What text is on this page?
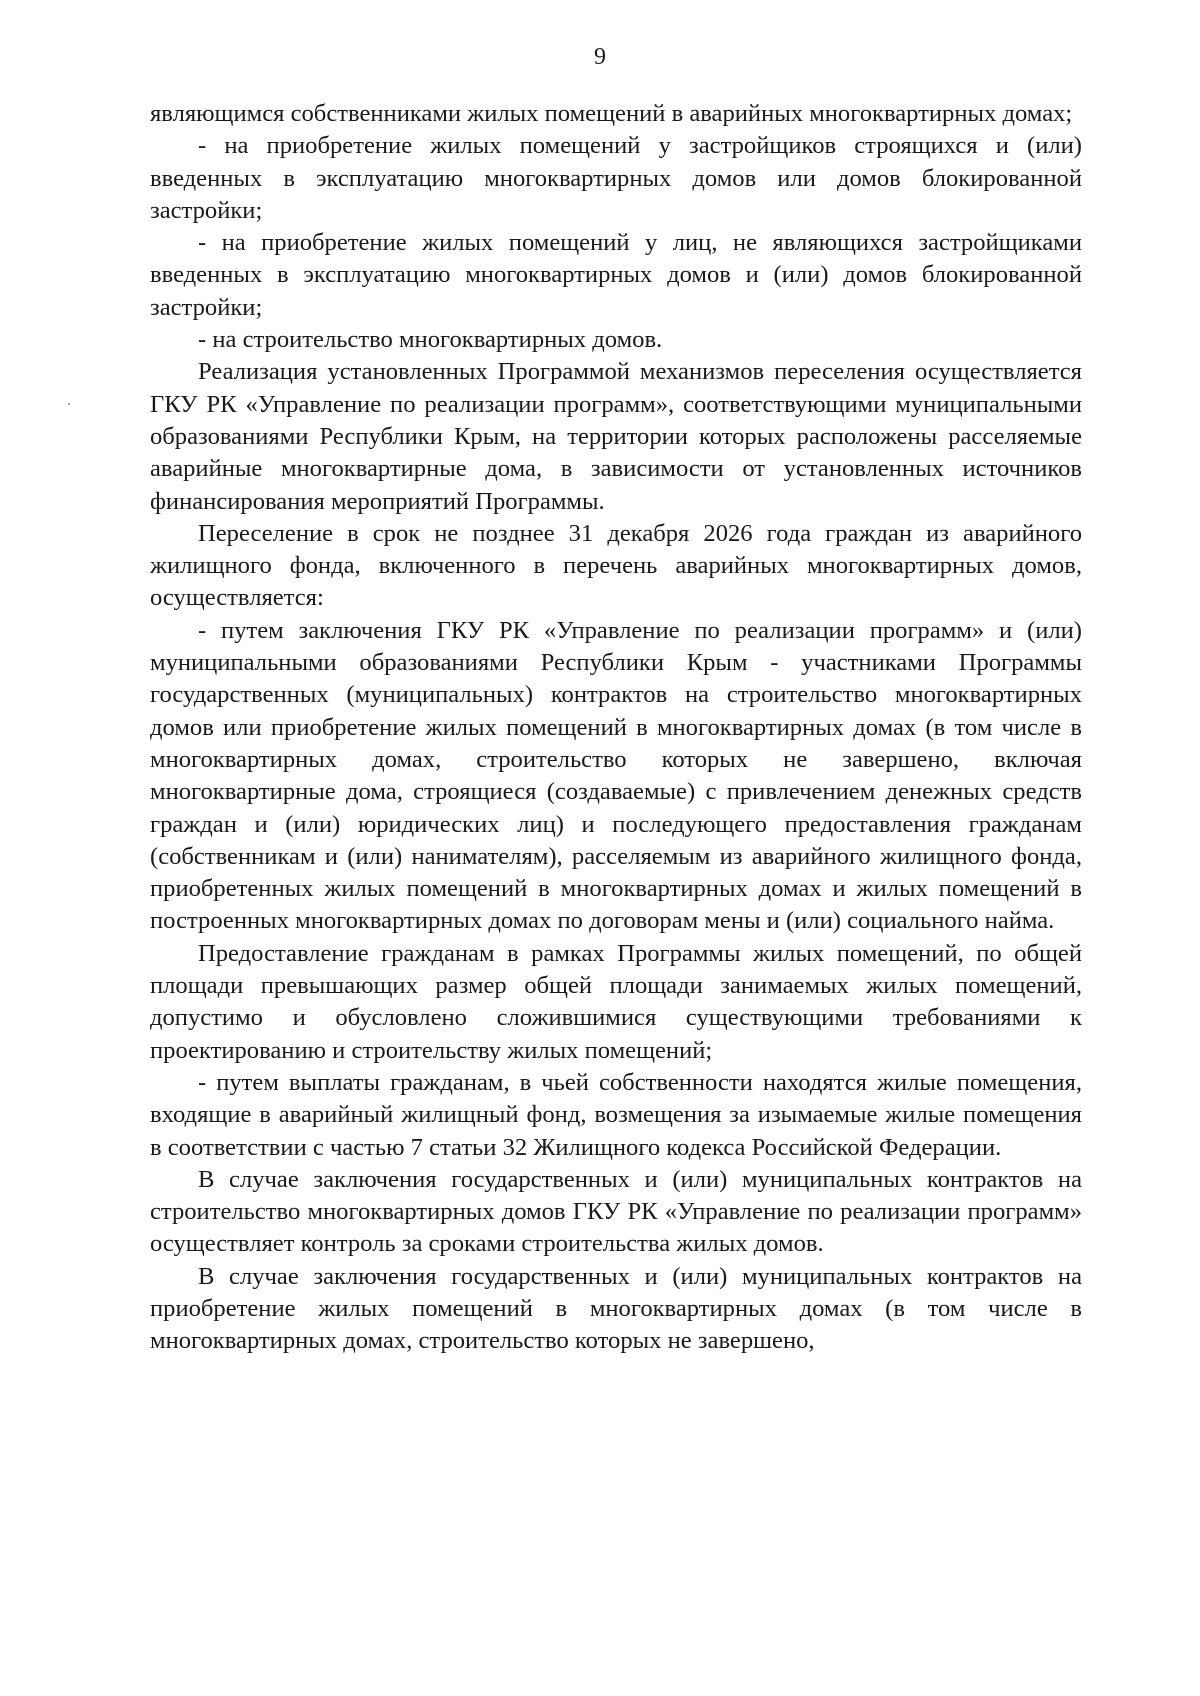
9

являющимся собственниками жилых помещений в аварийных многоквартирных домах;

- на приобретение жилых помещений у застройщиков строящихся и (или) введенных в эксплуатацию многоквартирных домов или домов блокированной застройки;

- на приобретение жилых помещений у лиц, не являющихся застройщиками введенных в эксплуатацию многоквартирных домов и (или) домов блокированной застройки;

- на строительство многоквартирных домов.

Реализация установленных Программой механизмов переселения осуществляется ГКУ РК «Управление по реализации программ», соответствующими муниципальными образованиями Республики Крым, на территории которых расположены расселяемые аварийные многоквартирные дома, в зависимости от установленных источников финансирования мероприятий Программы.

Переселение в срок не позднее 31 декабря 2026 года граждан из аварийного жилищного фонда, включенного в перечень аварийных многоквартирных домов, осуществляется:

- путем заключения ГКУ РК «Управление по реализации программ» и (или) муниципальными образованиями Республики Крым - участниками Программы государственных (муниципальных) контрактов на строительство многоквартирных домов или приобретение жилых помещений в многоквартирных домах (в том числе в многоквартирных домах, строительство которых не завершено, включая многоквартирные дома, строящиеся (создаваемые) с привлечением денежных средств граждан и (или) юридических лиц) и последующего предоставления гражданам (собственникам и (или) нанимателям), расселяемым из аварийного жилищного фонда, приобретенных жилых помещений в многоквартирных домах и жилых помещений в построенных многоквартирных домах по договорам мены и (или) социального найма.

Предоставление гражданам в рамках Программы жилых помещений, по общей площади превышающих размер общей площади занимаемых жилых помещений, допустимо и обусловлено сложившимися существующими требованиями к проектированию и строительству жилых помещений;

- путем выплаты гражданам, в чьей собственности находятся жилые помещения, входящие в аварийный жилищный фонд, возмещения за изымаемые жилые помещения в соответствии с частью 7 статьи 32 Жилищного кодекса Российской Федерации.

В случае заключения государственных и (или) муниципальных контрактов на строительство многоквартирных домов ГКУ РК «Управление по реализации программ» осуществляет контроль за сроками строительства жилых домов.

В случае заключения государственных и (или) муниципальных контрактов на приобретение жилых помещений в многоквартирных домах (в том числе в многоквартирных домах, строительство которых не завершено,
